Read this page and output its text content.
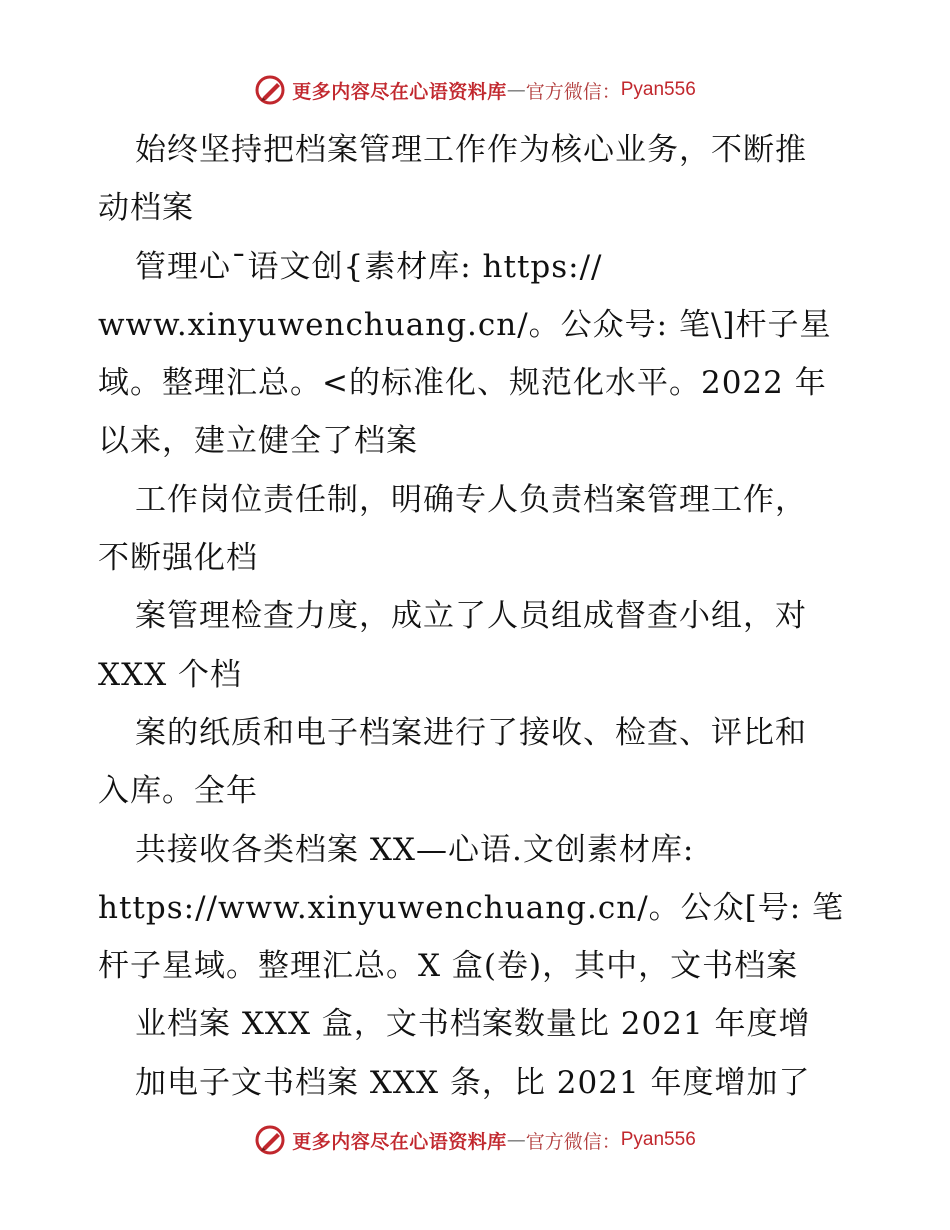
更多内容尽在心语资料库 — 官方微信： Pyan556
始终坚持把档案管理工作作为核心业务，不断推
动档案
管理心¯语文创{素材库: https://
www.xinyuwenchuang.cn/。公众号: 笔\]杆子星
域。整理汇总。<的标准化、规范化水平。2022 年
以来，建立健全了档案
工作岗位责任制，明确专人负责档案管理工作，
不断强化档
案管理检查力度，成立了人员组成督查小组，对
XXX 个档
案的纸质和电子档案进行了接收、检查、评比和
入库。全年
共接收各类档案 XX—心语.文创素材库:
https://www.xinyuwenchuang.cn/。公众[号: 笔
杆子星域。整理汇总。X 盒(卷)，其中，文书档案
业档案 XXX 盒，文书档案数量比 2021 年度增
加电子文书档案 XXX 条，比 2021 年度增加了
更多内容尽在心语资料库 — 官方微信： Pyan556
